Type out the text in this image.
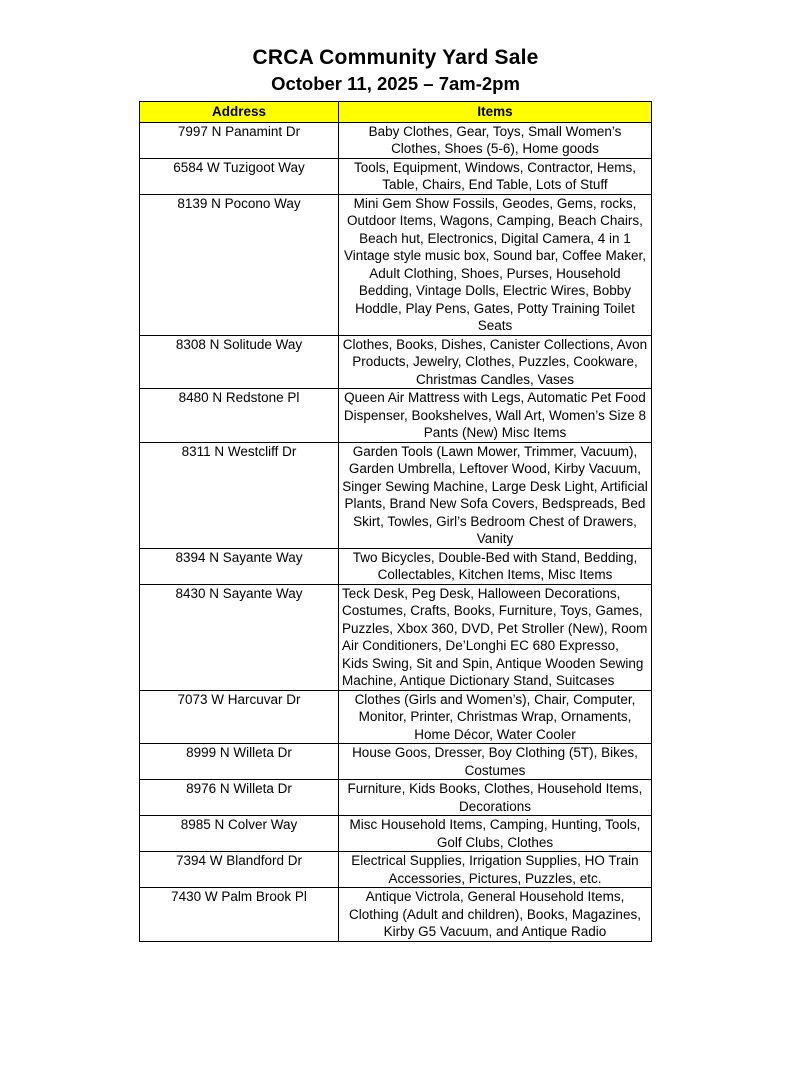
CRCA Community Yard Sale
October 11, 2025 – 7am-2pm
Address	Items
7997 N Panamint Dr	Baby Clothes, Gear, Toys, Small Women’s Clothes, Shoes (5-6), Home goods
6584 W Tuzigoot Way	Tools, Equipment, Windows, Contractor, Hems, Table, Chairs, End Table, Lots of Stuff
8139 N Pocono Way	Mini Gem Show Fossils, Geodes, Gems, rocks, Outdoor Items, Wagons, Camping, Beach Chairs, Beach hut, Electronics, Digital Camera, 4 in 1 Vintage style music box, Sound bar, Coffee Maker, Adult Clothing, Shoes, Purses, Household Bedding, Vintage Dolls, Electric Wires, Bobby Hoddle, Play Pens, Gates, Potty Training Toilet Seats
8308 N Solitude Way	Clothes, Books, Dishes, Canister Collections, Avon Products, Jewelry, Clothes, Puzzles, Cookware, Christmas Candles, Vases
8480 N Redstone Pl	Queen Air Mattress with Legs, Automatic Pet Food Dispenser, Bookshelves, Wall Art, Women’s Size 8 Pants (New) Misc Items
8311 N Westcliff Dr	Garden Tools (Lawn Mower, Trimmer, Vacuum), Garden Umbrella, Leftover Wood, Kirby Vacuum, Singer Sewing Machine, Large Desk Light, Artificial Plants, Brand New Sofa Covers, Bedspreads, Bed Skirt, Towles, Girl’s Bedroom Chest of Drawers, Vanity
8394 N Sayante Way	Two Bicycles, Double-Bed with Stand, Bedding, Collectables, Kitchen Items, Misc Items
8430 N Sayante Way	Teck Desk, Peg Desk, Halloween Decorations, Costumes, Crafts, Books, Furniture, Toys, Games, Puzzles, Xbox 360, DVD, Pet Stroller (New), Room Air Conditioners, De’Longhi EC 680 Expresso, Kids Swing, Sit and Spin, Antique Wooden Sewing Machine, Antique Dictionary Stand, Suitcases
7073 W Harcuvar Dr	Clothes (Girls and Women’s), Chair, Computer, Monitor, Printer, Christmas Wrap, Ornaments, Home Décor, Water Cooler
8999 N Willeta Dr	House Goos, Dresser, Boy Clothing (5T), Bikes, Costumes
8976 N Willeta Dr	Furniture, Kids Books, Clothes, Household Items, Decorations
8985 N Colver Way	Misc Household Items, Camping, Hunting, Tools, Golf Clubs, Clothes
7394 W Blandford Dr	Electrical Supplies, Irrigation Supplies, HO Train Accessories, Pictures, Puzzles, etc.
7430 W Palm Brook Pl	Antique Victrola, General Household Items, Clothing (Adult and children), Books, Magazines, Kirby G5 Vacuum, and Antique Radio
